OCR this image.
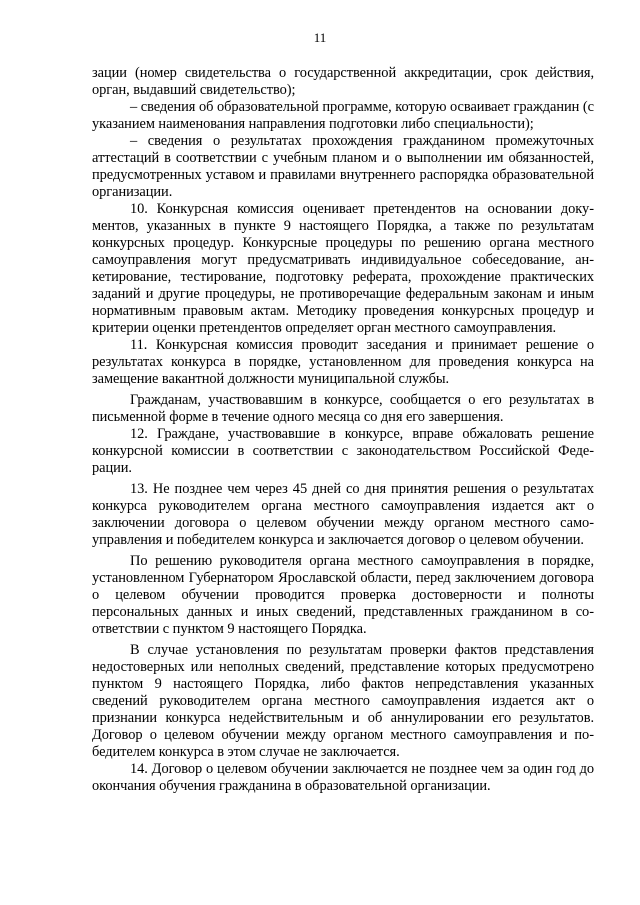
11

зации (номер свидетельства о государственной аккредитации, срок действия, орган, выдавший свидетельство);

– сведения об образовательной программе, которую осваивает гражданин (с указанием наименования направления подготовки либо специальности);

– сведения о результатах прохождения гражданином промежуточных аттестаций в соответствии с учебным планом и о выполнении им обязанностей, предусмотренных уставом и правилами внутреннего распорядка образовательной организации.

10. Конкурсная комиссия оценивает претендентов на основании документов, указанных в пункте 9 настоящего Порядка, а также по результатам конкурсных процедур. Конкурсные процедуры по решению органа местного самоуправления могут предусматривать индивидуальное собеседование, анкетирование, тестирование, подготовку реферата, прохождение практических заданий и другие процедуры, не противоречащие федеральным законам и иным нормативным правовым актам. Методику проведения конкурсных процедур и критерии оценки претендентов определяет орган местного самоуправления.

11. Конкурсная комиссия проводит заседания и принимает решение о результатах конкурса в порядке, установленном для проведения конкурса на замещение вакантной должности муниципальной службы.

Гражданам, участвовавшим в конкурсе, сообщается о его результатах в письменной форме в течение одного месяца со дня его завершения.

12. Граждане, участвовавшие в конкурсе, вправе обжаловать решение конкурсной комиссии в соответствии с законодательством Российской Федерации.

13. Не позднее чем через 45 дней со дня принятия решения о результатах конкурса руководителем органа местного самоуправления издается акт о заключении договора о целевом обучении между органом местного самоуправления и победителем конкурса и заключается договор о целевом обучении.

По решению руководителя органа местного самоуправления в порядке, установленном Губернатором Ярославской области, перед заключением договора о целевом обучении проводится проверка достоверности и полноты персональных данных и иных сведений, представленных гражданином в соответствии с пунктом 9 настоящего Порядка.

В случае установления по результатам проверки фактов представления недостоверных или неполных сведений, представление которых предусмотрено пунктом 9 настоящего Порядка, либо фактов непредставления указанных сведений руководителем органа местного самоуправления издается акт о признании конкурса недействительным и об аннулировании его результатов. Договор о целевом обучении между органом местного самоуправления и победителем конкурса в этом случае не заключается.

14. Договор о целевом обучении заключается не позднее чем за один год до окончания обучения гражданина в образовательной организации.
